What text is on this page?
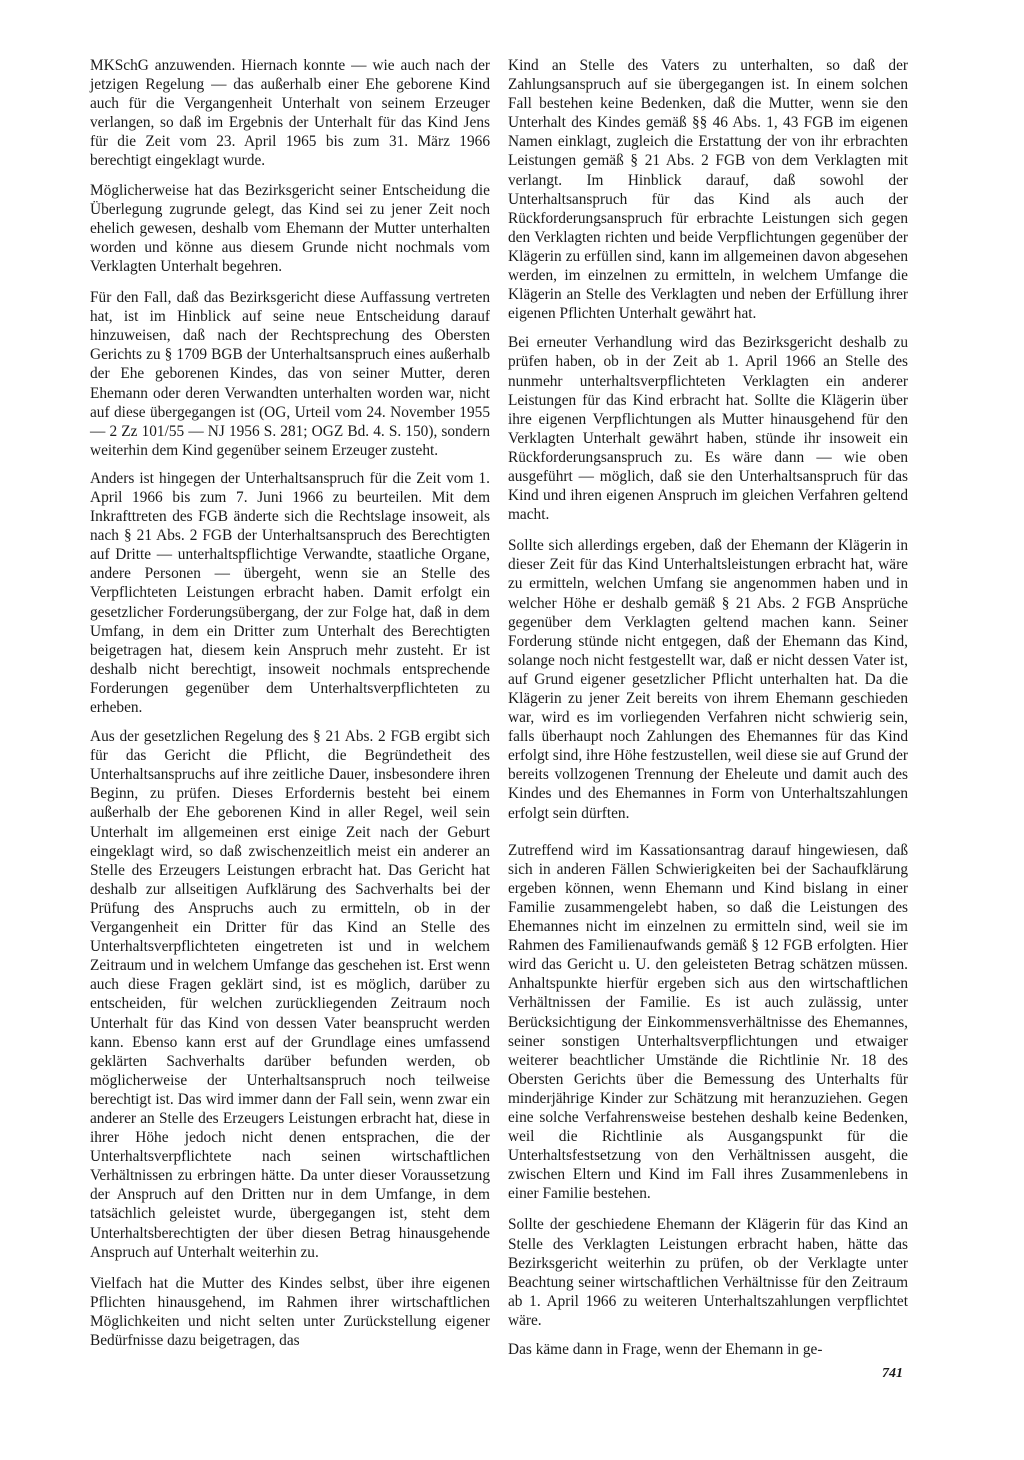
MKSchG anzuwenden. Hiernach konnte — wie auch nach der jetzigen Regelung — das außerhalb einer Ehe geborene Kind auch für die Vergangenheit Unterhalt von seinem Erzeuger verlangen, so daß im Ergebnis der Unterhalt für das Kind Jens für die Zeit vom 23. April 1965 bis zum 31. März 1966 berechtigt eingeklagt wurde.

Möglicherweise hat das Bezirksgericht seiner Entscheidung die Überlegung zugrunde gelegt, das Kind sei zu jener Zeit noch ehelich gewesen, deshalb vom Ehemann der Mutter unterhalten worden und könne aus diesem Grunde nicht nochmals vom Verklagten Unterhalt begehren.

Für den Fall, daß das Bezirksgericht diese Auffassung vertreten hat, ist im Hinblick auf seine neue Entscheidung darauf hinzuweisen, daß nach der Rechtsprechung des Obersten Gerichts zu § 1709 BGB der Unterhaltsanspruch eines außerhalb der Ehe geborenen Kindes, das von seiner Mutter, deren Ehemann oder deren Verwandten unterhalten worden war, nicht auf diese übergegangen ist (OG, Urteil vom 24. November 1955 — 2 Zz 101/55 — NJ 1956 S. 281; OGZ Bd. 4. S. 150), sondern weiterhin dem Kind gegenüber seinem Erzeuger zusteht.

Anders ist hingegen der Unterhaltsanspruch für die Zeit vom 1. April 1966 bis zum 7. Juni 1966 zu beurteilen. Mit dem Inkrafttreten des FGB änderte sich die Rechtslage insoweit, als nach § 21 Abs. 2 FGB der Unterhaltsanspruch des Berechtigten auf Dritte — unterhaltspflichtige Verwandte, staatliche Organe, andere Personen — übergeht, wenn sie an Stelle des Verpflichteten Leistungen erbracht haben. Damit erfolgt ein gesetzlicher Forderungsübergang, der zur Folge hat, daß in dem Umfang, in dem ein Dritter zum Unterhalt des Berechtigten beigetragen hat, diesem kein Anspruch mehr zusteht. Er ist deshalb nicht berechtigt, insoweit nochmals entsprechende Forderungen gegenüber dem Unterhaltsverpflichteten zu erheben.

Aus der gesetzlichen Regelung des § 21 Abs. 2 FGB ergibt sich für das Gericht die Pflicht, die Begründetheit des Unterhaltsanspruchs auf ihre zeitliche Dauer, insbesondere ihren Beginn, zu prüfen. Dieses Erfordernis besteht bei einem außerhalb der Ehe geborenen Kind in aller Regel, weil sein Unterhalt im allgemeinen erst einige Zeit nach der Geburt eingeklagt wird, so daß zwischenzeitlich meist ein anderer an Stelle des Erzeugers Leistungen erbracht hat. Das Gericht hat deshalb zur allseitigen Aufklärung des Sachverhalts bei der Prüfung des Anspruchs auch zu ermitteln, ob in der Vergangenheit ein Dritter für das Kind an Stelle des Unterhaltsverpflichteten eingetreten ist und in welchem Zeitraum und in welchem Umfange das geschehen ist. Erst wenn auch diese Fragen geklärt sind, ist es möglich, darüber zu entscheiden, für welchen zurückliegenden Zeitraum noch Unterhalt für das Kind von dessen Vater beansprucht werden kann. Ebenso kann erst auf der Grundlage eines umfassend geklärten Sachverhalts darüber befunden werden, ob möglicherweise der Unterhaltsanspruch noch teilweise berechtigt ist. Das wird immer dann der Fall sein, wenn zwar ein anderer an Stelle des Erzeugers Leistungen erbracht hat, diese in ihrer Höhe jedoch nicht denen entsprachen, die der Unterhaltsverpflichtete nach seinen wirtschaftlichen Verhältnissen zu erbringen hätte. Da unter dieser Voraussetzung der Anspruch auf den Dritten nur in dem Umfange, in dem tatsächlich geleistet wurde, übergegangen ist, steht dem Unterhaltsberechtigten der über diesen Betrag hinausgehende Anspruch auf Unterhalt weiterhin zu.

Vielfach hat die Mutter des Kindes selbst, über ihre eigenen Pflichten hinausgehend, im Rahmen ihrer wirtschaftlichen Möglichkeiten und nicht selten unter Zurückstellung eigener Bedürfnisse dazu beigetragen, das

Kind an Stelle des Vaters zu unterhalten, so daß der Zahlungsanspruch auf sie übergegangen ist. In einem solchen Fall bestehen keine Bedenken, daß die Mutter, wenn sie den Unterhalt des Kindes gemäß §§ 46 Abs. 1, 43 FGB im eigenen Namen einklagt, zugleich die Erstattung der von ihr erbrachten Leistungen gemäß § 21 Abs. 2 FGB von dem Verklagten mit verlangt. Im Hinblick darauf, daß sowohl der Unterhaltsanspruch für das Kind als auch der Rückforderungsanspruch für erbrachte Leistungen sich gegen den Verklagten richten und beide Verpflichtungen gegenüber der Klägerin zu erfüllen sind, kann im allgemeinen davon abgesehen werden, im einzelnen zu ermitteln, in welchem Umfange die Klägerin an Stelle des Verklagten und neben der Erfüllung ihrer eigenen Pflichten Unterhalt gewährt hat.

Bei erneuter Verhandlung wird das Bezirksgericht deshalb zu prüfen haben, ob in der Zeit ab 1. April 1966 an Stelle des nunmehr unterhaltsverpflichteten Verklagten ein anderer Leistungen für das Kind erbracht hat. Sollte die Klägerin über ihre eigenen Verpflichtungen als Mutter hinausgehend für den Verklagten Unterhalt gewährt haben, stünde ihr insoweit ein Rückforderungsanspruch zu. Es wäre dann — wie oben ausgeführt — möglich, daß sie den Unterhaltsanspruch für das Kind und ihren eigenen Anspruch im gleichen Verfahren geltend macht.

Sollte sich allerdings ergeben, daß der Ehemann der Klägerin in dieser Zeit für das Kind Unterhaltsleistungen erbracht hat, wäre zu ermitteln, welchen Umfang sie angenommen haben und in welcher Höhe er deshalb gemäß § 21 Abs. 2 FGB Ansprüche gegenüber dem Verklagten geltend machen kann. Seiner Forderung stünde nicht entgegen, daß der Ehemann das Kind, solange noch nicht festgestellt war, daß er nicht dessen Vater ist, auf Grund eigener gesetzlicher Pflicht unterhalten hat. Da die Klägerin zu jener Zeit bereits von ihrem Ehemann geschieden war, wird es im vorliegenden Verfahren nicht schwierig sein, falls überhaupt noch Zahlungen des Ehemannes für das Kind erfolgt sind, ihre Höhe festzustellen, weil diese sie auf Grund der bereits vollzogenen Trennung der Eheleute und damit auch des Kindes und des Ehemannes in Form von Unterhaltszahlungen erfolgt sein dürften.

Zutreffend wird im Kassationsantrag darauf hingewiesen, daß sich in anderen Fällen Schwierigkeiten bei der Sachaufklärung ergeben können, wenn Ehemann und Kind bislang in einer Familie zusammengelebt haben, so daß die Leistungen des Ehemannes nicht im einzelnen zu ermitteln sind, weil sie im Rahmen des Familienaufwands gemäß § 12 FGB erfolgten. Hier wird das Gericht u. U. den geleisteten Betrag schätzen müssen. Anhaltspunkte hierfür ergeben sich aus den wirtschaftlichen Verhältnissen der Familie. Es ist auch zulässig, unter Berücksichtigung der Einkommensverhältnisse des Ehemannes, seiner sonstigen Unterhaltsverpflichtungen und etwaiger weiterer beachtlicher Umstände die Richtlinie Nr. 18 des Obersten Gerichts über die Bemessung des Unterhalts für minderjährige Kinder zur Schätzung mit heranzuziehen. Gegen eine solche Verfahrensweise bestehen deshalb keine Bedenken, weil die Richtlinie als Ausgangspunkt für die Unterhaltsfestsetzung von den Verhältnissen ausgeht, die zwischen Eltern und Kind im Fall ihres Zusammenlebens in einer Familie bestehen.

Sollte der geschiedene Ehemann der Klägerin für das Kind an Stelle des Verklagten Leistungen erbracht haben, hätte das Bezirksgericht weiterhin zu prüfen, ob der Verklagte unter Beachtung seiner wirtschaftlichen Verhältnisse für den Zeitraum ab 1. April 1966 zu weiteren Unterhaltszahlungen verpflichtet wäre.

Das käme dann in Frage, wenn der Ehemann in ge-

741
